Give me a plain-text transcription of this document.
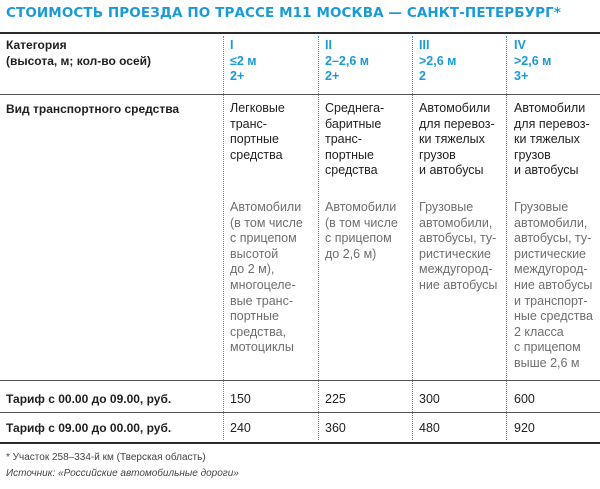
СТОИМОСТЬ ПРОЕЗДА ПО ТРАССЕ М11 МОСКВА — САНКТ-ПЕТЕРБУРГ*
Категория
(высота, м; кол-во осей)
Вид транспортного средства
Тариф с 00.00 до 09.00, руб.
Тариф с 09.00 до 00.00, руб.
I
≤2 м
2+
Легковые
транс-
портные
средства
Автомобили
(в том числе
с прицепом
высотой
до 2 м),
многоцеле-
вые транс-
портные
средства,
мотоциклы
150
240
II
2–2,6 м
2+
Среднега-
баритные
транс-
портные
средства
Автомобили
(в том числе
с прицепом
до 2,6 м)
225
360
III
>2,6 м
2
Автомобили
для перевоз-
ки тяжелых
грузов
и автобусы
Грузовые
автомобили,
автобусы, ту-
ристические
междугород-
ние автобусы
300
480
IV
>2,6 м
3+
Автомобили
для перевоз-
ки тяжелых
грузов
и автобусы
Грузовые
автомобили,
автобусы, ту-
ристические
междугород-
ние автобусы
и транспорт-
ные средства
2 класса
с прицепом
выше 2,6 м
600
920
* Участок 258–334-й км (Тверская область)
Источник: «Российские автомобильные дороги»
